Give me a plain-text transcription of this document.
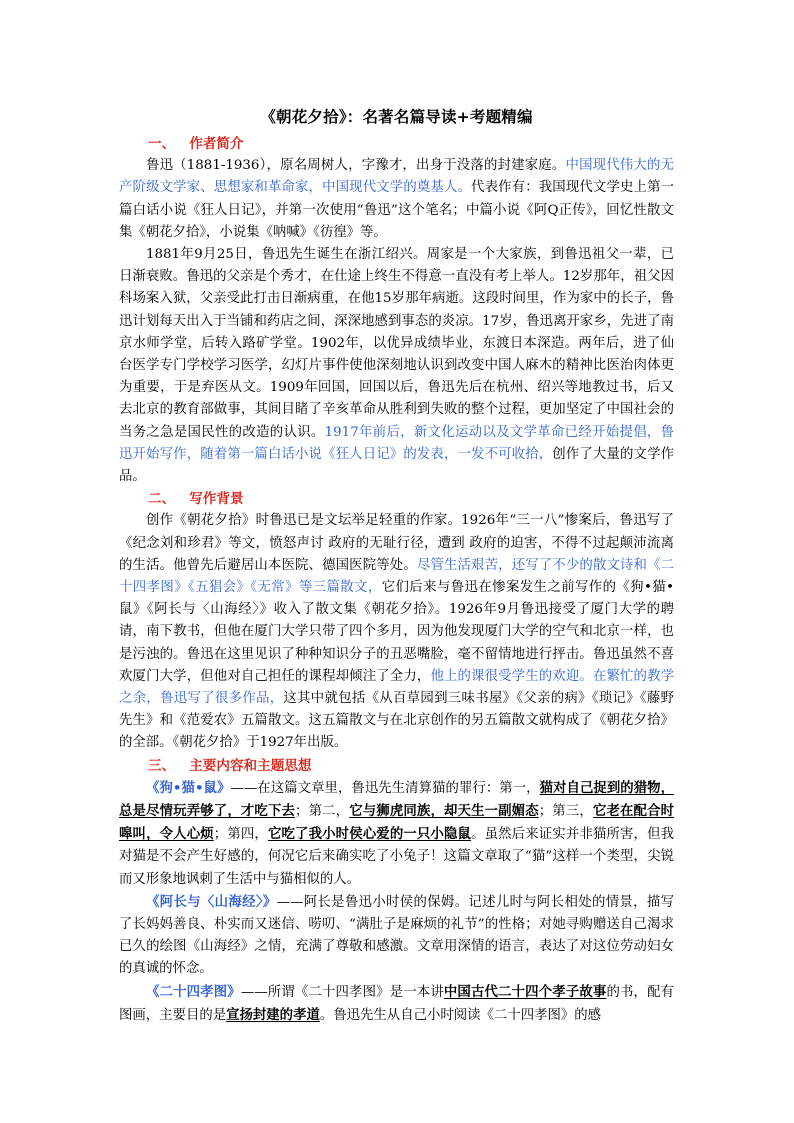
《朝花夕拾》：名著名篇导读+考题精编
一、 作者简介

鲁迅（1881-1936），原名周树人，字豫才，出身于没落的封建家庭。中国现代伟大的无产阶级文学家、思想家和革命家，中国现代文学的奠基人。代表作有：我国现代文学史上第一篇白话小说《狂人日记》，并第一次使用“鲁迅”这个笔名；中篇小说《阿Q正传》，回忆性散文集《朝花夕拾》，小说集《呐喊》《彷徨》等。

1881年9月25日，鲁迅先生诞生在浙江绍兴。周家是一个大家族，到鲁迅祖父一辈，已日渐衰败。鲁迅的父亲是个秀才，在仕途上终生不得意一直没有考上举人。12岁那年，祖父因科场案入狱，父亲受此打击日渐病重，在他15岁那年病逝。这段时间里，作为家中的长子，鲁迅计划每天出入于当铺和药店之间，深深地感到事态的炎凉。17岁，鲁迅离开家乡，先进了南京水师学堂，后转入路矿学堂。1902年，以优异成绩毕业，东渡日本深造。两年后，进了仙台医学专门学校学习医学，幻灯片事件使他深刻地认识到改变中国人麻木的精神比医治肉体更为重要，于是弃医从文。1909年回国，回国以后，鲁迅先后在杭州、绍兴等地教过书，后又去北京的教育部做事，其间目睹了辛亥革命从胜利到失败的整个过程，更加坚定了中国社会的当务之急是国民性的改造的认识。1917年前后，新文化运动以及文学革命已经开始提倡，鲁迅开始写作，随着第一篇白话小说《狂人日记》的发表，一发不可收拾，创作了大量的文学作品。

二、 写作背景

创作《朝花夕拾》时鲁迅已是文坛举足轻重的作家。1926年“三一八”惨案后，鲁迅写了《纪念刘和珍君》等文，愤怒声讨 政府的无耻行径，遭到 政府的迫害，不得不过起颠沛流离的生活。他曾先后避居山本医院、德国医院等处。尽管生活艰苦，还写了不少的散文诗和《二十四孝图》《五猖会》《无常》等三篇散文，它们后来与鲁迅在惨案发生之前写作的《狗•猫•鼠》《阿长与〈山海经〉》收入了散文集《朝花夕拾》。1926年9月鲁迅接受了厦门大学的聘请，南下教书，但他在厦门大学只带了四个多月，因为他发现厦门大学的空气和北京一样，也是污浊的。鲁迅在这里见识了种种知识分子的丑恶嘴脸，毫不留情地进行抨击。鲁迅虽然不喜欢厦门大学，但他对自己担任的课程却倾注了全力，他上的课很受学生的欢迎。在繁忙的教学之余，鲁迅写了很多作品，这其中就包括《从百草园到三味书屋》《父亲的病》《琐记》《藤野先生》和《范爱农》五篇散文。这五篇散文与在北京创作的另五篇散文就构成了《朝花夕拾》的全部。《朝花夕拾》于1927年出版。

三、 主要内容和主题思想

《狗•猫•鼠》——在这篇文章里，鲁迅先生清算猫的罪行：第一，猫对自己捉到的猎物，总是尽情玩弄够了，才吃下去；第二，它与狮虎同族，却天生一副媚态；第三，它老在配合时嗥叫，令人心烦；第四，它吃了我小时侯心爱的一只小隐鼠。虽然后来证实并非猫所害，但我对猫是不会产生好感的，何况它后来确实吃了小兔子！这篇文章取了“猫”这样一个类型，尖锐而又形象地讽刺了生活中与猫相似的人。

《阿长与〈山海经〉》——阿长是鲁迅小时侯的保姆。记述儿时与阿长相处的情景，描写了长妈妈善良、朴实而又迷信、唠叨、“满肚子是麻烦的礼节”的性格；对她寻购赠送自己渴求已久的绘图《山海经》之情，充满了尊敬和感激。文章用深情的语言，表达了对这位劳动妇女的真诚的怀念。

《二十四孝图》——所谓《二十四孝图》是一本讲中国古代二十四个孝子故事的书，配有图画，主要目的是宣扬封建的孝道。鲁迅先生从自己小时阅读《二十四孝图》的感
